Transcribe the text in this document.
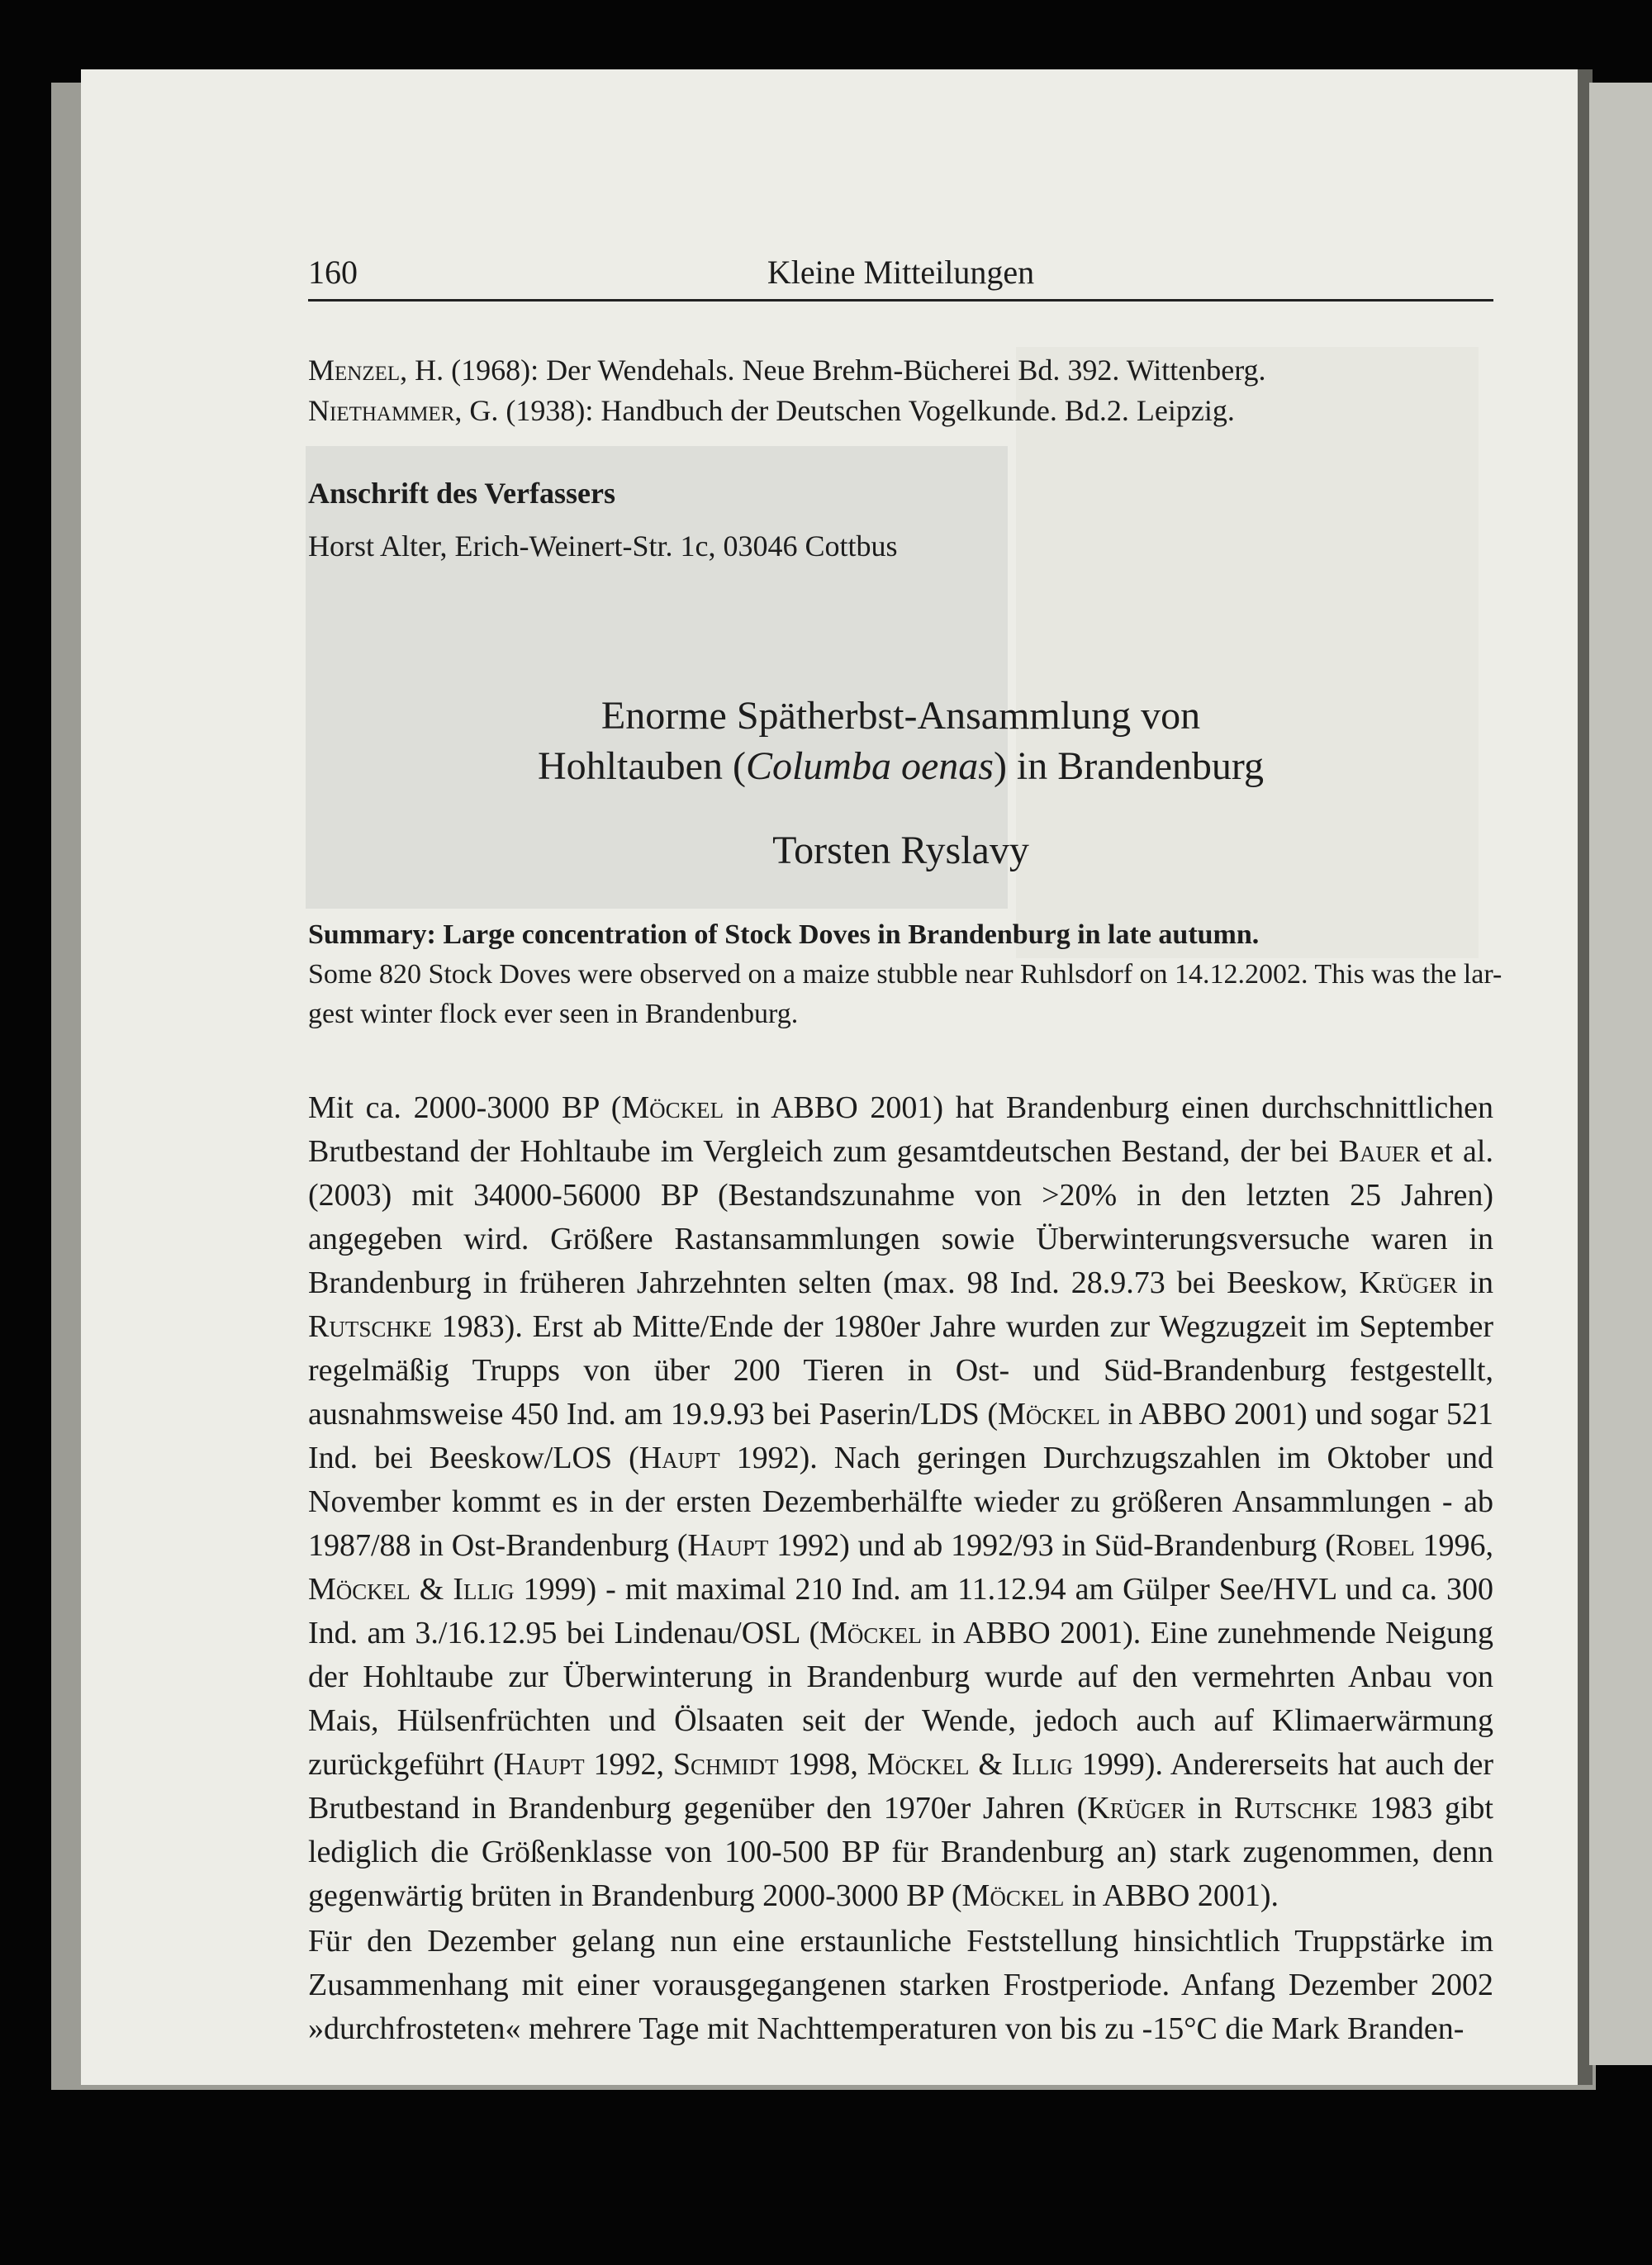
160	Kleine Mitteilungen
Menzel, H. (1968): Der Wendehals. Neue Brehm-Bücherei Bd. 392. Wittenberg.
Niethammer, G. (1938): Handbuch der Deutschen Vogelkunde. Bd.2. Leipzig.
Anschrift des Verfassers
Horst Alter, Erich-Weinert-Str. 1c, 03046 Cottbus
Enorme Spätherbst-Ansammlung von
Hohltauben (Columba oenas) in Brandenburg
Torsten Ryslavy
Summary: Large concentration of Stock Doves in Brandenburg in late autumn.
Some 820 Stock Doves were observed on a maize stubble near Ruhlsdorf on 14.12.2002. This was the lar-
gest winter flock ever seen in Brandenburg.

Mit ca. 2000-3000 BP (Möckel in ABBO 2001) hat Brandenburg einen durchschnittlichen Brutbestand der Hohltaube im Vergleich zum gesamtdeutschen Bestand, der bei Bauer et al. (2003) mit 34000-56000 BP (Bestandszunahme von >20% in den letzten 25 Jahren) angegeben wird. Größere Rastansammlungen sowie Überwinterungsversuche waren in Brandenburg in früheren Jahrzehnten selten (max. 98 Ind. 28.9.73 bei Beeskow, Krüger in Rutschke 1983). Erst ab Mitte/Ende der 1980er Jahre wurden zur Wegzugzeit im September regelmäßig Trupps von über 200 Tieren in Ost- und Süd-Brandenburg festgestellt, ausnahmsweise 450 Ind. am 19.9.93 bei Paserin/LDS (Möckel in ABBO 2001) und sogar 521 Ind. bei Beeskow/LOS (Haupt 1992). Nach geringen Durchzugszahlen im Oktober und November kommt es in der ersten Dezemberhälfte wieder zu größeren Ansammlungen - ab 1987/88 in Ost-Brandenburg (Haupt 1992) und ab 1992/93 in Süd-Brandenburg (Robel 1996, Möckel & Illig 1999) - mit maximal 210 Ind. am 11.12.94 am Gülper See/HVL und ca. 300 Ind. am 3./16.12.95 bei Lindenau/OSL (Möckel in ABBO 2001). Eine zunehmende Neigung der Hohltaube zur Überwinterung in Brandenburg wurde auf den vermehrten Anbau von Mais, Hülsenfrüchten und Ölsaaten seit der Wende, jedoch auch auf Klimaerwärmung zurückgeführt (Haupt 1992, Schmidt 1998, Möckel & Illig 1999). Andererseits hat auch der Brutbestand in Brandenburg gegenüber den 1970er Jahren (Krüger in Rutschke 1983 gibt lediglich die Größenklasse von 100-500 BP für Brandenburg an) stark zugenommen, denn gegenwärtig brüten in Brandenburg 2000-3000 BP (Möckel in ABBO 2001).

Für den Dezember gelang nun eine erstaunliche Feststellung hinsichtlich Truppstärke im Zusammenhang mit einer vorausgegangenen starken Frostperiode. Anfang Dezember 2002 »durchfrosteten« mehrere Tage mit Nachttemperaturen von bis zu -15°C die Mark Branden-
